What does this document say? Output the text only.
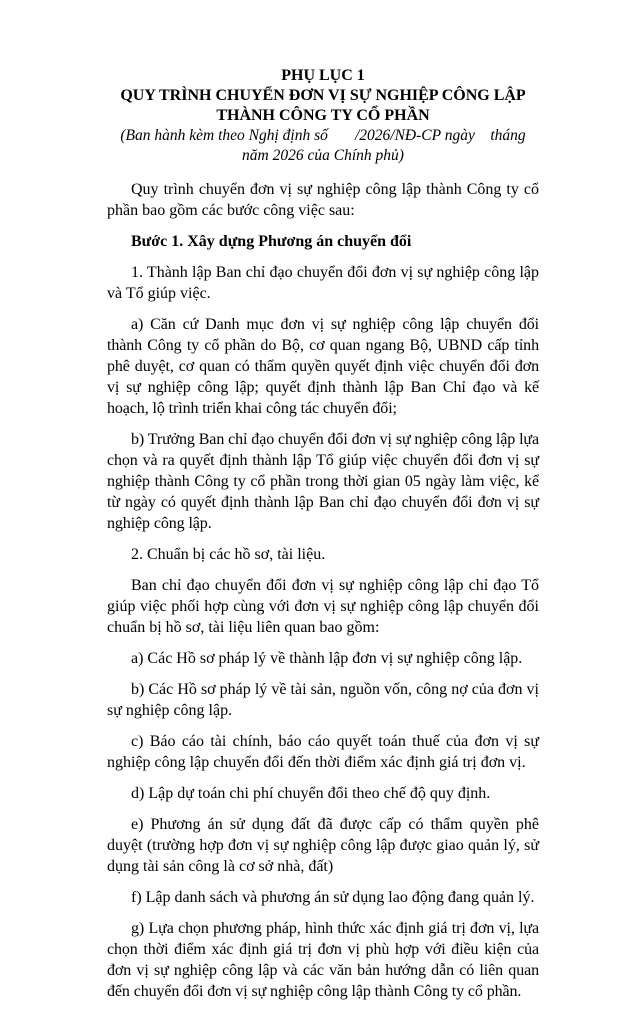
PHỤ LỤC 1
QUY TRÌNH CHUYỂN ĐƠN VỊ SỰ NGHIỆP CÔNG LẬP
THÀNH CÔNG TY CỔ PHẦN
(Ban hành kèm theo Nghị định số       /2026/NĐ-CP ngày    tháng   năm 2026 của Chính phủ)

Quy trình chuyển đơn vị sự nghiệp công lập thành Công ty cổ phần bao gồm các bước công việc sau:

Bước 1. Xây dựng Phương án chuyển đổi

1. Thành lập Ban chỉ đạo chuyển đổi đơn vị sự nghiệp công lập và Tổ giúp việc.

a) Căn cứ Danh mục đơn vị sự nghiệp công lập chuyển đổi thành Công ty cổ phần do Bộ, cơ quan ngang Bộ, UBND cấp tỉnh phê duyệt, cơ quan có thẩm quyền quyết định việc chuyển đổi đơn vị sự nghiệp công lập; quyết định thành lập Ban Chỉ đạo và kế hoạch, lộ trình triển khai công tác chuyển đổi;

b) Trưởng Ban chỉ đạo chuyển đổi đơn vị sự nghiệp công lập lựa chọn và ra quyết định thành lập Tổ giúp việc chuyển đổi đơn vị sự nghiệp thành Công ty cổ phần trong thời gian 05 ngày làm việc, kể từ ngày có quyết định thành lập Ban chỉ đạo chuyển đổi đơn vị sự nghiệp công lập.

2. Chuẩn bị các hồ sơ, tài liệu.

Ban chỉ đạo chuyển đổi đơn vị sự nghiệp công lập chỉ đạo Tổ giúp việc phối hợp cùng với đơn vị sự nghiệp công lập chuyển đổi chuẩn bị hồ sơ, tài liệu liên quan bao gồm:

a) Các Hồ sơ pháp lý về thành lập đơn vị sự nghiệp công lập.

b) Các Hồ sơ pháp lý về tài sản, nguồn vốn, công nợ của đơn vị sự nghiệp công lập.

c) Báo cáo tài chính, báo cáo quyết toán thuế của đơn vị sự nghiệp công lập chuyển đổi đến thời điểm xác định giá trị đơn vị.

d) Lập dự toán chi phí chuyển đổi theo chế độ quy định.

e) Phương án sử dụng đất đã được cấp có thẩm quyền phê duyệt (trường hợp đơn vị sự nghiệp công lập được giao quản lý, sử dụng tài sản công là cơ sở nhà, đất)

f) Lập danh sách và phương án sử dụng lao động đang quản lý.

g) Lựa chọn phương pháp, hình thức xác định giá trị đơn vị, lựa chọn thời điểm xác định giá trị đơn vị phù hợp với điều kiện của đơn vị sự nghiệp công lập và các văn bản hướng dẫn có liên quan đến chuyển đổi đơn vị sự nghiệp công lập thành Công ty cổ phần.
